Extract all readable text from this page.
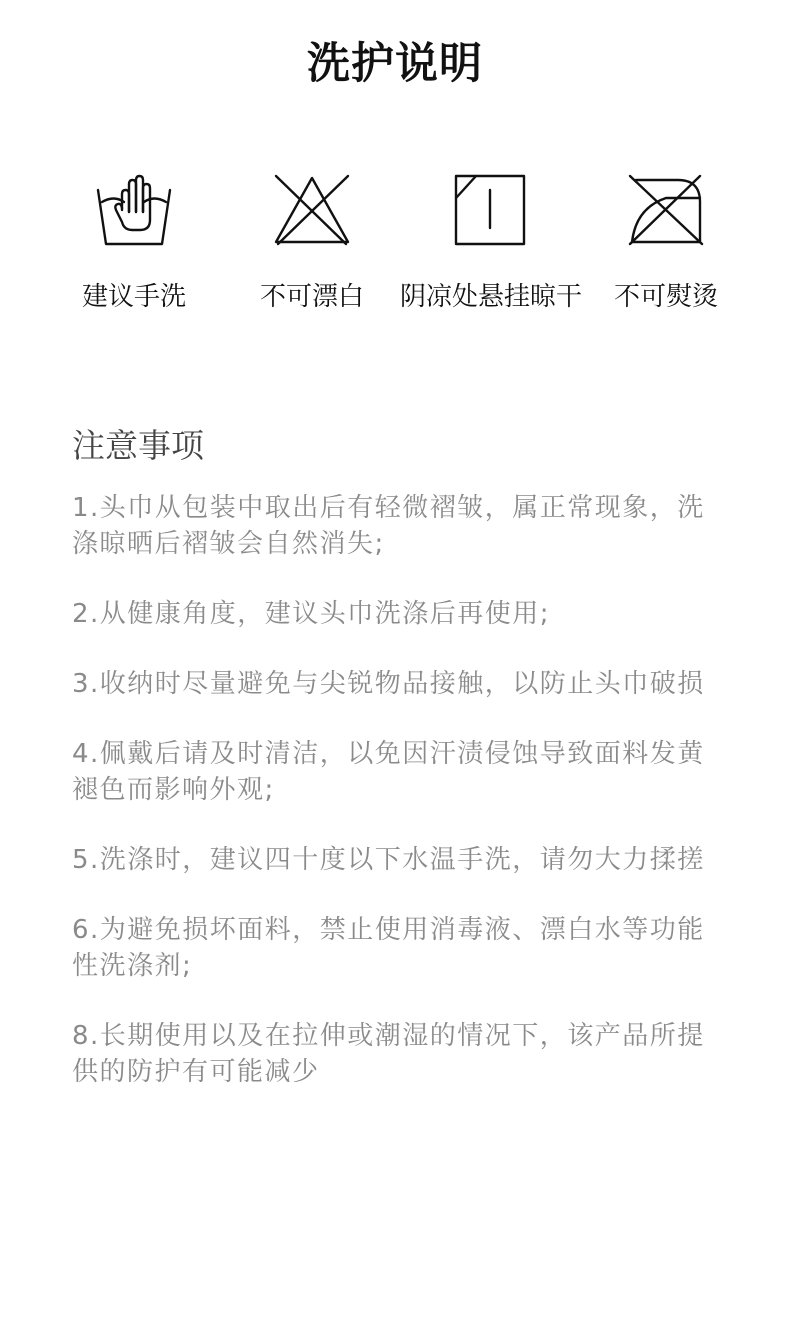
洗护说明
建议手洗	不可漂白	阴凉处悬挂晾干	不可熨烫
注意事项
1.头巾从包装中取出后有轻微褶皱，属正常现象，洗涤晾晒后褶皱会自然消失;
2.从健康角度，建议头巾洗涤后再使用;
3.收纳时尽量避免与尖锐物品接触，以防止头巾破损
4.佩戴后请及时清洁，以免因汗渍侵蚀导致面料发黄褪色而影响外观;
5.洗涤时，建议四十度以下水温手洗，请勿大力揉搓
6.为避免损坏面料，禁止使用消毒液、漂白水等功能性洗涤剂;
8.长期使用以及在拉伸或潮湿的情况下，该产品所提供的防护有可能减少
